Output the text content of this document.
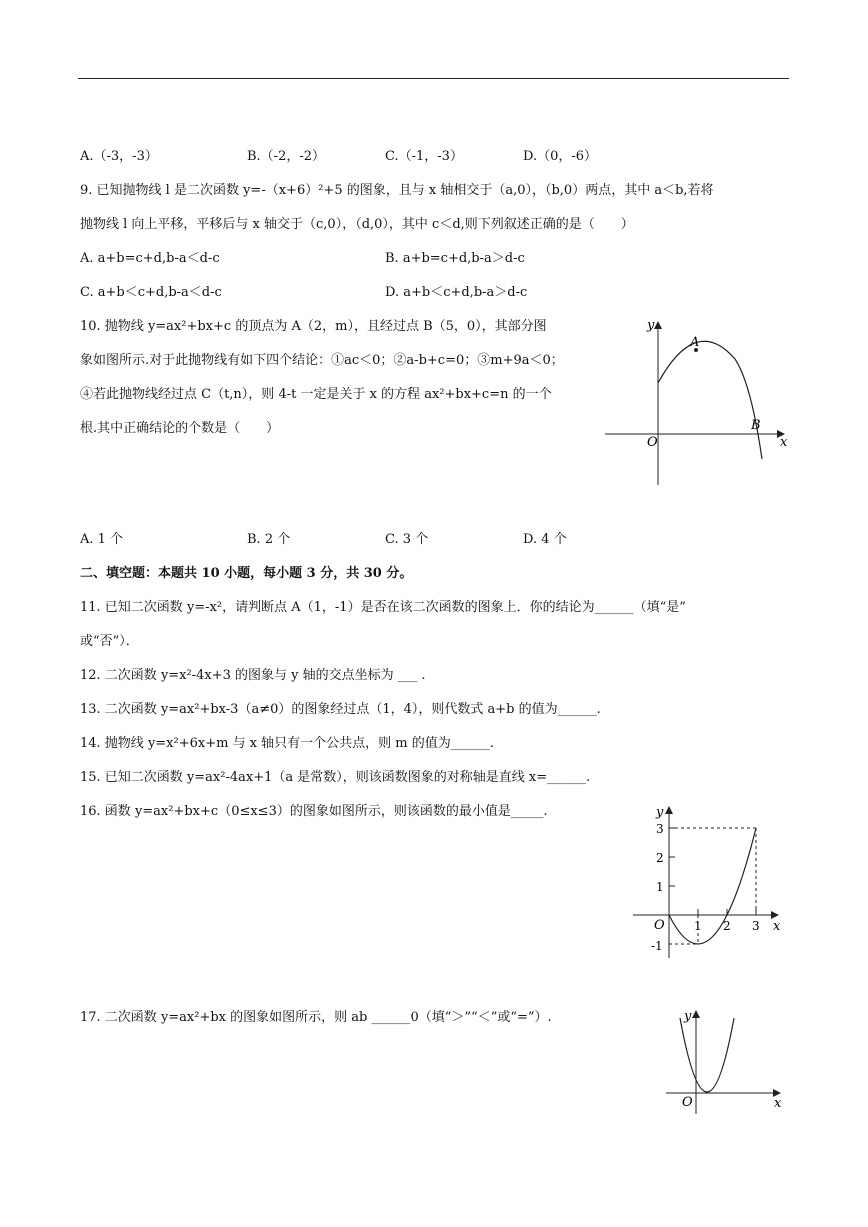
A.（-3，-3）	B.（-2，-2）	C.（-1，-3）	D.（0，-6）
9. 已知抛物线 l 是二次函数 y=-（x+6）²+5 的图象，且与 x 轴相交于（a,0），（b,0）两点，其中 a＜b,若将
抛物线 l 向上平移，平移后与 x 轴交于（c,0），（d,0），其中 c＜d,则下列叙述正确的是（　　）
A. a+b=c+d,b-a＜d-c	B. a+b=c+d,b-a＞d-c
C. a+b＜c+d,b-a＜d-c	D. a+b＜c+d,b-a＞d-c
10. 抛物线 y=ax²+bx+c 的顶点为 A（2，m），且经过点 B（5，0），其部分图
象如图所示.对于此抛物线有如下四个结论：①ac＜0；②a-b+c=0；③m+9a＜0；
④若此抛物线经过点 C（t,n），则 4-t 一定是关于 x 的方程 ax²+bx+c=n 的一个
根.其中正确结论的个数是（　　）
y
x
O
A
B
A. 1 个	B. 2 个	C. 3 个	D. 4 个
二、填空题：本题共 10 小题，每小题 3 分，共 30 分。
11. 已知二次函数 y=-x²，请判断点 A（1，-1）是否在该二次函数的图象上．你的结论为______（填“是”
或“否”）．
12. 二次函数 y=x²-4x+3 的图象与 y 轴的交点坐标为 ___ .
13. 二次函数 y=ax²+bx-3（a≠0）的图象经过点（1，4），则代数式 a+b 的值为______.
14. 抛物线 y=x²+6x+m 与 x 轴只有一个公共点，则 m 的值为______.
15. 已知二次函数 y=ax²-4ax+1（a 是常数），则该函数图象的对称轴是直线 x=______.
16. 函数 y=ax²+bx+c（0≤x≤3）的图象如图所示，则该函数的最小值是_____.	y
x
O 1 2 3
3
2
1
-1
17. 二次函数 y=ax²+bx 的图象如图所示，则 ab ______0（填“＞”“＜”或“=”）.	y
x
O
